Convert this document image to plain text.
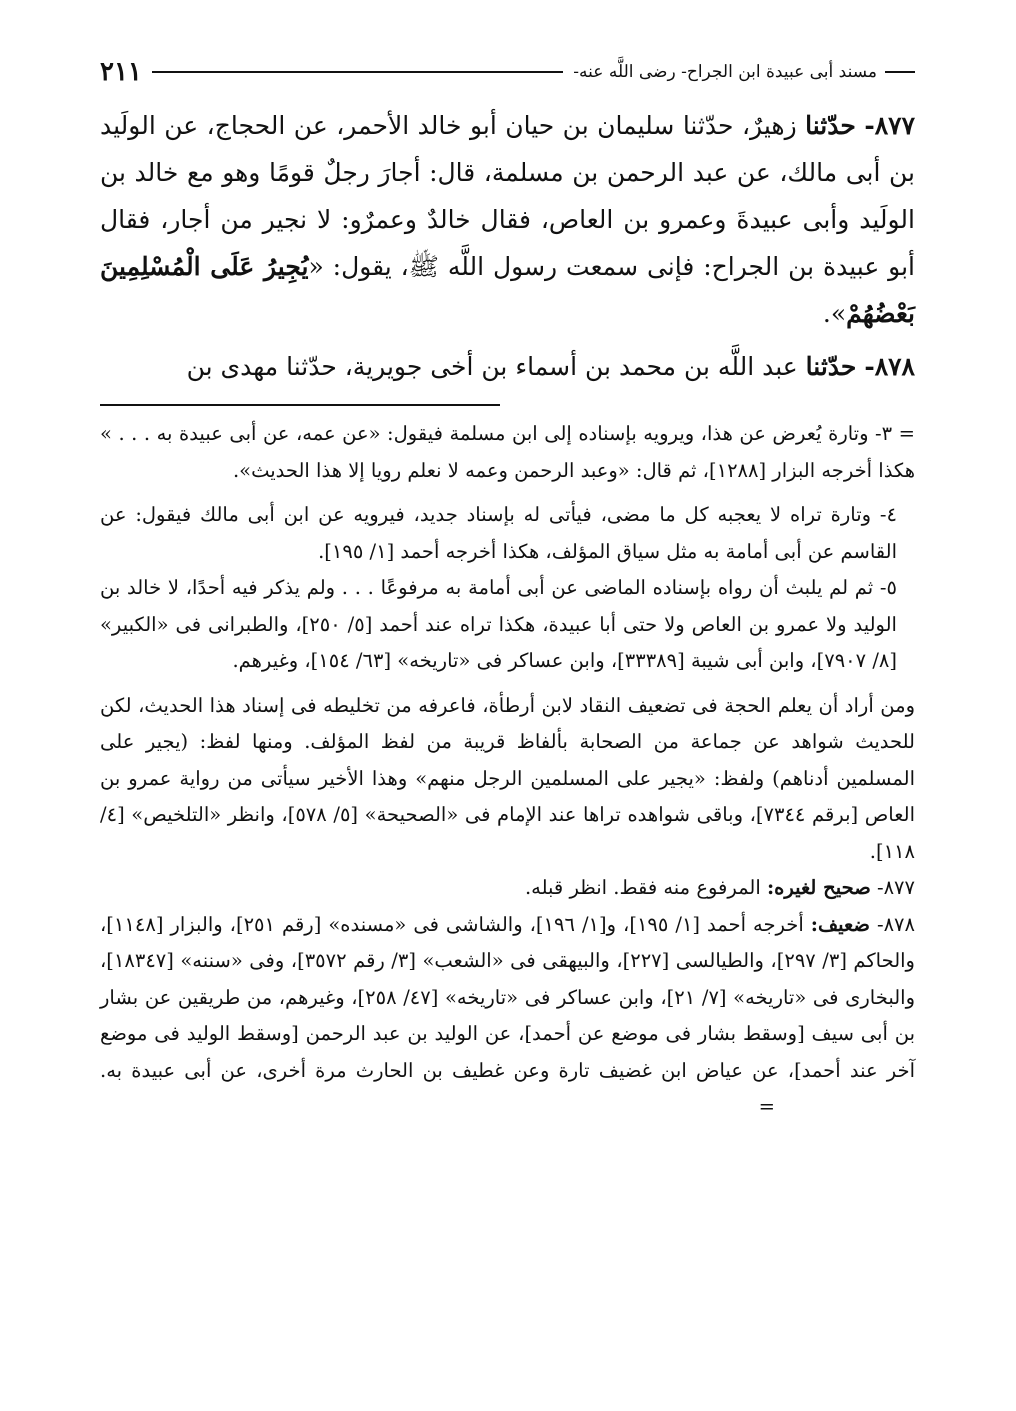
مسند أبى عبيدة ابن الجراح- رضى اللَّه عنه-
٢١١

٨٧٧- حدّثنا زهيرٌ، حدّثنا سليمان بن حيان أبو خالد الأحمر، عن الحجاج، عن الولَيد بن أبى مالك، عن عبد الرحمن بن مسلمة، قال: أجارَ رجلٌ قومًا وهو مع خالد بن الولَيد وأبى عبيدةَ وعمرو بن العاص، فقال خالدٌ وعمرٌو: لا نجير من أجار، فقال أبو عبيدة بن الجراح: فإنى سمعت رسول اللَّه ﷺ، يقول: «يُجِيرُ عَلَى الْمُسْلِمِينَ بَعْضُهُمْ».

٨٧٨- حدّثنا عبد اللَّه بن محمد بن أسماء بن أخى جويرية، حدّثنا مهدى بن

= ٣- وتارة يُعرض عن هذا، ويرويه بإسناده إلى ابن مسلمة فيقول: «عن عمه، عن أبى عبيدة به . . . » هكذا أخرجه البزار [١٢٨٨]، ثم قال: «وعبد الرحمن وعمه لا نعلم رويا إلا هذا الحديث».

٤- وتارة تراه لا يعجبه كل ما مضى، فيأتى له بإسناد جديد، فيرويه عن ابن أبى مالك فيقول: عن القاسم عن أبى أمامة به مثل سياق المؤلف، هكذا أخرجه أحمد [١/ ١٩٥].

٥- ثم لم يلبث أن رواه بإسناده الماضى عن أبى أمامة به مرفوعًا . . . ولم يذكر فيه أحدًا، لا خالد بن الوليد ولا عمرو بن العاص ولا حتى أبا عبيدة، هكذا تراه عند أحمد [٥/ ٢٥٠]، والطبرانى فى «الكبير» [٨/ ٧٩٠٧]، وابن أبى شيبة [٣٣٣٨٩]، وابن عساكر فى «تاريخه» [٦٣/ ١٥٤]، وغيرهم.

ومن أراد أن يعلم الحجة فى تضعيف النقاد لابن أرطأة، فاعرفه من تخليطه فى إسناد هذا الحديث، لكن للحديث شواهد عن جماعة من الصحابة بألفاظ قريبة من لفظ المؤلف. ومنها لفظ: (يجير على المسلمين أدناهم) ولفظ: «يجير على المسلمين الرجل منهم» وهذا الأخير سيأتى من رواية عمرو بن العاص [برقم ٧٣٤٤]، وباقى شواهده تراها عند الإمام فى «الصحيحة» [٥/ ٥٧٨]، وانظر «التلخيص» [٤/ ١١٨].

٨٧٧- صحيح لغيره: المرفوع منه فقط. انظر قبله.

٨٧٨- ضعيف: أخرجه أحمد [١/ ١٩٥]، و[١/ ١٩٦]، والشاشى فى «مسنده» [رقم ٢٥١]، والبزار [١١٤٨]، والحاكم [٣/ ٢٩٧]، والطيالسى [٢٢٧]، والبيهقى فى «الشعب» [٣/ رقم ٣٥٧٢]، وفى «سننه» [١٨٣٤٧]، والبخارى فى «تاريخه» [٧/ ٢١]، وابن عساكر فى «تاريخه» [٤٧/ ٢٥٨]، وغيرهم، من طريقين عن بشار بن أبى سيف [وسقط بشار فى موضع عن أحمد]، عن الوليد بن عبد الرحمن [وسقط الوليد فى موضع آخر عند أحمد]، عن عياض ابن غضيف تارة وعن غطيف بن الحارث مرة أخرى، عن أبى عبيدة به. =
